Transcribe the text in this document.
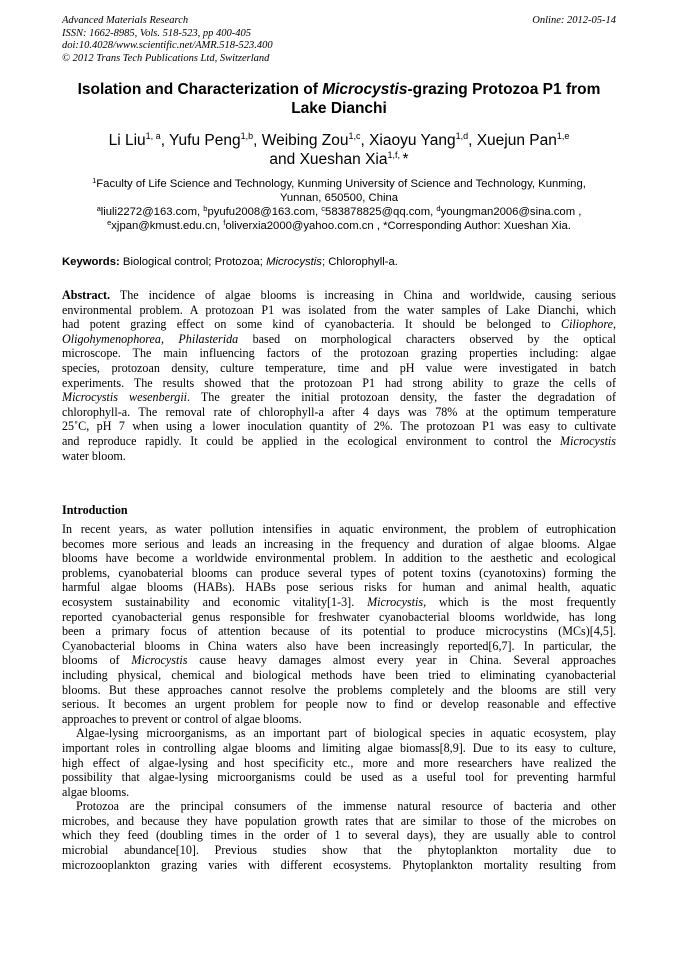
Advanced Materials Research
ISSN: 1662-8985, Vols. 518-523, pp 400-405
doi:10.4028/www.scientific.net/AMR.518-523.400
© 2012 Trans Tech Publications Ltd, Switzerland
Online: 2012-05-14
Isolation and Characterization of Microcystis-grazing Protozoa P1 from Lake Dianchi
Li Liu$^{1, a}$, Yufu Peng$^{1,b}$, Weibing Zou$^{1,c}$, Xiaoyu Yang$^{1,d}$, Xuejun Pan$^{1,e}$
and Xueshan Xia$^{1,f,}$ *
$^1$Faculty of Life Science and Technology, Kunming University of Science and Technology, Kunming,
Yunnan, 650500, China
$^a$liuli2272@163.com, $^b$pyufu2008@163.com, $^c$583878825@qq.com, $^d$youngman2006@sina.com ,
$^e$xjpan@kmust.edu.cn, $^f$oliverxia2000@yahoo.com.cn , *Corresponding Author: Xueshan Xia.
Keywords: Biological control; Protozoa; Microcystis; Chlorophyll-a.
Abstract. The incidence of algae blooms is increasing in China and worldwide, causing serious
environmental problem. A protozoan P1 was isolated from the water samples of Lake Dianchi, which
had potent grazing effect on some kind of cyanobacteria. It should be belonged to Ciliophore,
Oligohymenophorea, Philasterida based on morphological characters observed by the optical
microscope. The main influencing factors of the protozoan grazing properties including: algae
species, protozoan density, culture temperature, time and pH value were investigated in batch
experiments. The results showed that the protozoan P1 had strong ability to graze the cells of
Microcystis wesenbergii. The greater the initial protozoan density, the faster the degradation of
chlorophyll-a. The removal rate of chlorophyll-a after 4 days was 78% at the optimum temperature
25˚C, pH 7 when using a lower inoculation quantity of 2%. The protozoan P1 was easy to cultivate
and reproduce rapidly. It could be applied in the ecological environment to control the Microcystis
water bloom.
Introduction
In recent years, as water pollution intensifies in aquatic environment, the problem of eutrophication
becomes more serious and leads an increasing in the frequency and duration of algae blooms. Algae
blooms have become a worldwide environmental problem. In addition to the aesthetic and ecological
problems, cyanobaterial blooms can produce several types of potent toxins (cyanotoxins) forming the
harmful algae blooms (HABs). HABs pose serious risks for human and animal health, aquatic
ecosystem sustainability and economic vitality[1-3]. Microcystis, which is the most frequently
reported cyanobacterial genus responsible for freshwater cyanobacterial blooms worldwide, has long
been a primary focus of attention because of its potential to produce microcystins (MCs)[4,5].
Cyanobacterial blooms in China waters also have been increasingly reported[6,7]. In particular, the
blooms of Microcystis cause heavy damages almost every year in China. Several approaches
including physical, chemical and biological methods have been tried to eliminating cyanobacterial
blooms. But these approaches cannot resolve the problems completely and the blooms are still very
serious. It becomes an urgent problem for people now to find or develop reasonable and effective
approaches to prevent or control of algae blooms.
Algae-lysing microorganisms, as an important part of biological species in aquatic ecosystem, play
important roles in controlling algae blooms and limiting algae biomass[8,9]. Due to its easy to culture,
high effect of algae-lysing and host specificity etc., more and more researchers have realized the
possibility that algae-lysing microorganisms could be used as a useful tool for preventing harmful
algae blooms.
Protozoa are the principal consumers of the immense natural resource of bacteria and other
microbes, and because they have population growth rates that are similar to those of the microbes on
which they feed (doubling times in the order of 1 to several days), they are usually able to control
microbial abundance[10]. Previous studies show that the phytoplankton mortality due to
microzooplankton grazing varies with different ecosystems. Phytoplankton mortality resulting from
